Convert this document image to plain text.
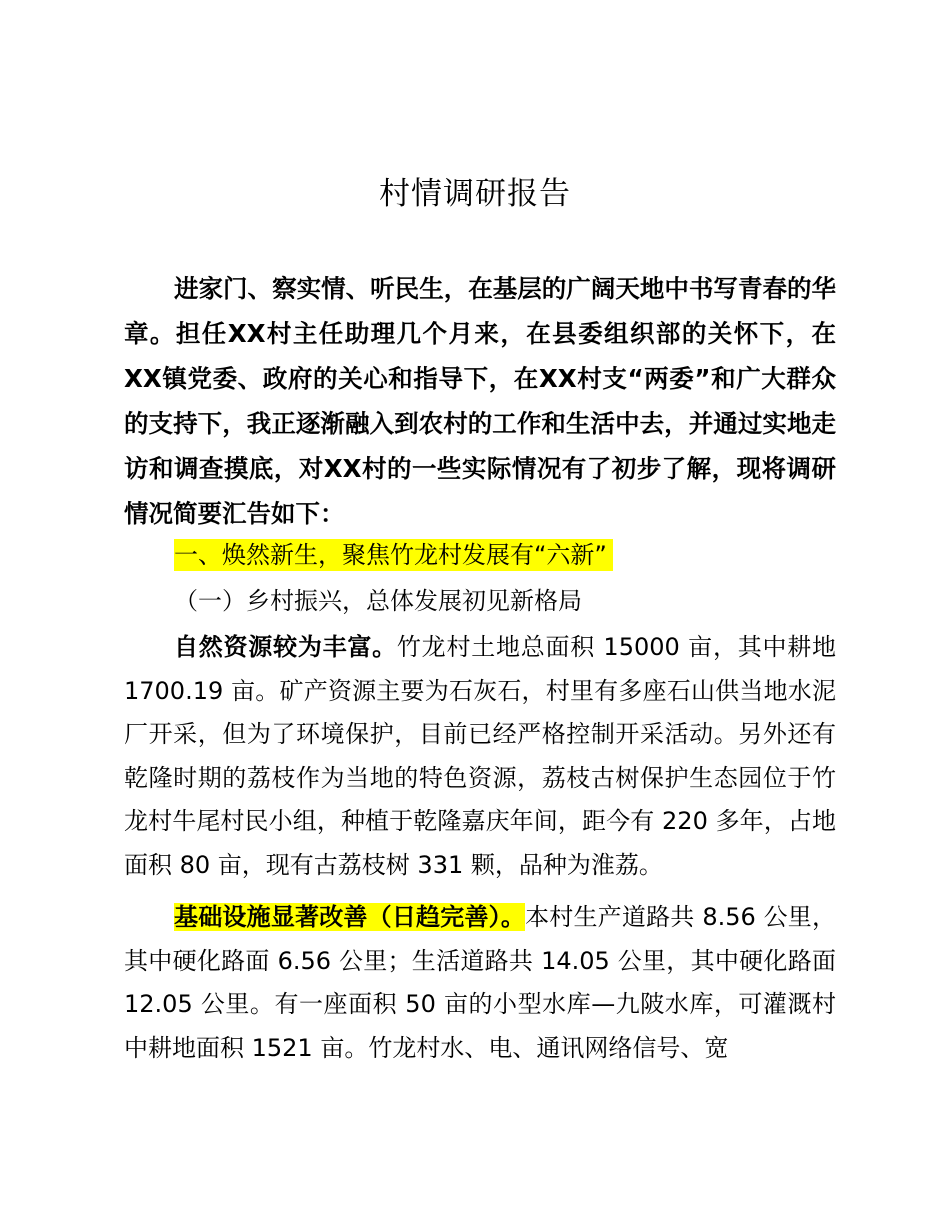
村情调研报告
进家门、察实情、听民生，在基层的广阔天地中书写青春的华章。担任XX村主任助理几个月来，在县委组织部的关怀下，在XX镇党委、政府的关心和指导下，在XX村支“两委”和广大群众的支持下，我正逐渐融入到农村的工作和生活中去，并通过实地走访和调查摸底，对XX村的一些实际情况有了初步了解，现将调研情况简要汇告如下：
一、焕然新生，聚焦竹龙村发展有“六新”
（一）乡村振兴，总体发展初见新格局
自然资源较为丰富。竹龙村土地总面积 15000 亩，其中耕地 1700.19 亩。矿产资源主要为石灰石，村里有多座石山供当地水泥厂开采，但为了环境保护，目前已经严格控制开采活动。另外还有乾隆时期的荔枝作为当地的特色资源，荔枝古树保护生态园位于竹龙村牛尾村民小组，种植于乾隆嘉庆年间，距今有 220 多年，占地面积 80 亩，现有古荔枝树 331 颗，品种为淮荔。
基础设施显著改善（日趋完善）。本村生产道路共 8.56 公里，其中硬化路面 6.56 公里；生活道路共 14.05 公里，其中硬化路面 12.05 公里。有一座面积 50 亩的小型水库—九陂水库，可灌溉村中耕地面积 1521 亩。竹龙村水、电、通讯网络信号、宽
